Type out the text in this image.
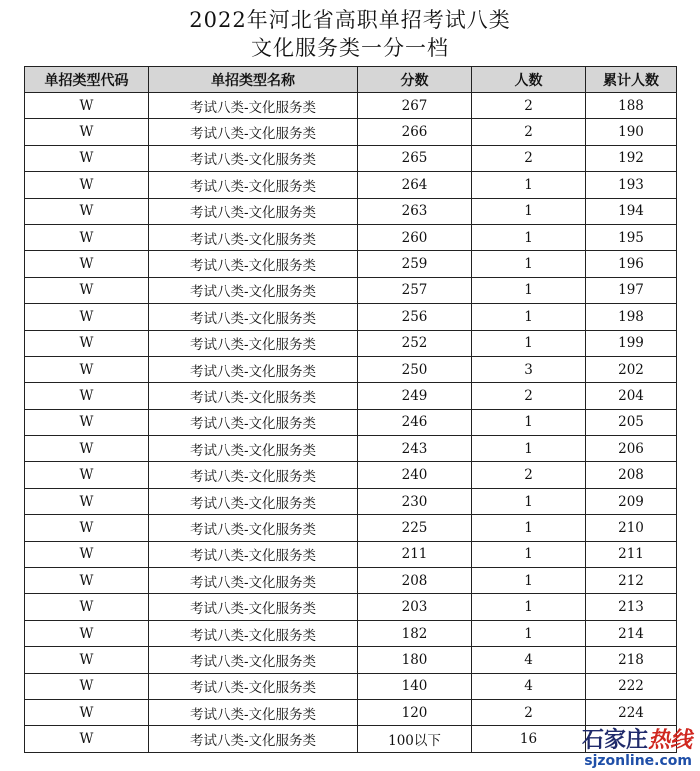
2022年河北省高职单招考试八类
文化服务类一分一档
单招类型代码	单招类型名称	分数	人数	累计人数
W	考试八类-文化服务类	267	2	188
W	考试八类-文化服务类	266	2	190
W	考试八类-文化服务类	265	2	192
W	考试八类-文化服务类	264	1	193
W	考试八类-文化服务类	263	1	194
W	考试八类-文化服务类	260	1	195
W	考试八类-文化服务类	259	1	196
W	考试八类-文化服务类	257	1	197
W	考试八类-文化服务类	256	1	198
W	考试八类-文化服务类	252	1	199
W	考试八类-文化服务类	250	3	202
W	考试八类-文化服务类	249	2	204
W	考试八类-文化服务类	246	1	205
W	考试八类-文化服务类	243	1	206
W	考试八类-文化服务类	240	2	208
W	考试八类-文化服务类	230	1	209
W	考试八类-文化服务类	225	1	210
W	考试八类-文化服务类	211	1	211
W	考试八类-文化服务类	208	1	212
W	考试八类-文化服务类	203	1	213
W	考试八类-文化服务类	182	1	214
W	考试八类-文化服务类	180	4	218
W	考试八类-文化服务类	140	4	222
W	考试八类-文化服务类	120	2	224
W	考试八类-文化服务类	100以下	16	石家庄热线
sjzonline.com
